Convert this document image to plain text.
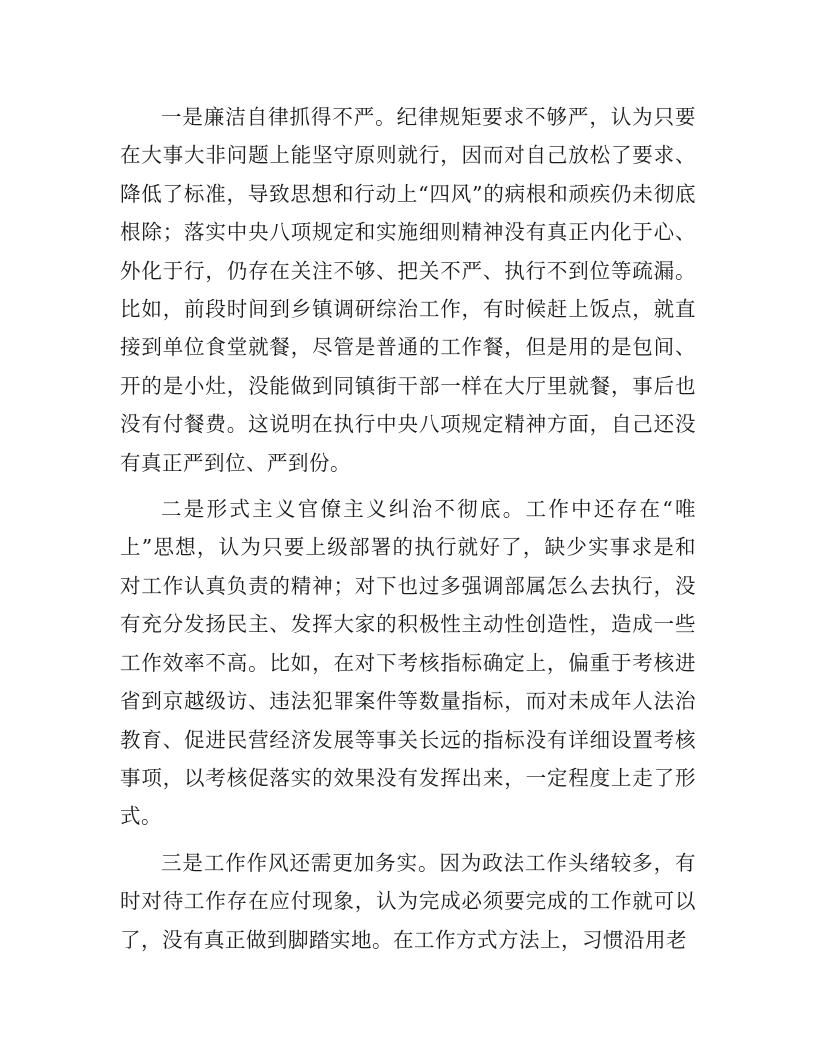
一是廉洁自律抓得不严。纪律规矩要求不够严，认为只要在大事大非问题上能坚守原则就行，因而对自己放松了要求、降低了标准，导致思想和行动上“四风”的病根和顽疾仍未彻底根除；落实中央八项规定和实施细则精神没有真正内化于心、外化于行，仍存在关注不够、把关不严、执行不到位等疏漏。比如，前段时间到乡镇调研综治工作，有时候赶上饭点，就直接到单位食堂就餐，尽管是普通的工作餐，但是用的是包间、开的是小灶，没能做到同镇街干部一样在大厅里就餐，事后也没有付餐费。这说明在执行中央八项规定精神方面，自己还没有真正严到位、严到份。

二是形式主义官僚主义纠治不彻底。工作中还存在“唯上”思想，认为只要上级部署的执行就好了，缺少实事求是和对工作认真负责的精神；对下也过多强调部属怎么去执行，没有充分发扬民主、发挥大家的积极性主动性创造性，造成一些工作效率不高。比如，在对下考核指标确定上，偏重于考核进省到京越级访、违法犯罪案件等数量指标，而对未成年人法治教育、促进民营经济发展等事关长远的指标没有详细设置考核事项，以考核促落实的效果没有发挥出来，一定程度上走了形式。

三是工作作风还需更加务实。因为政法工作头绪较多，有时对待工作存在应付现象，认为完成必须要完成的工作就可以了，没有真正做到脚踏实地。在工作方式方法上，习惯沿用老
